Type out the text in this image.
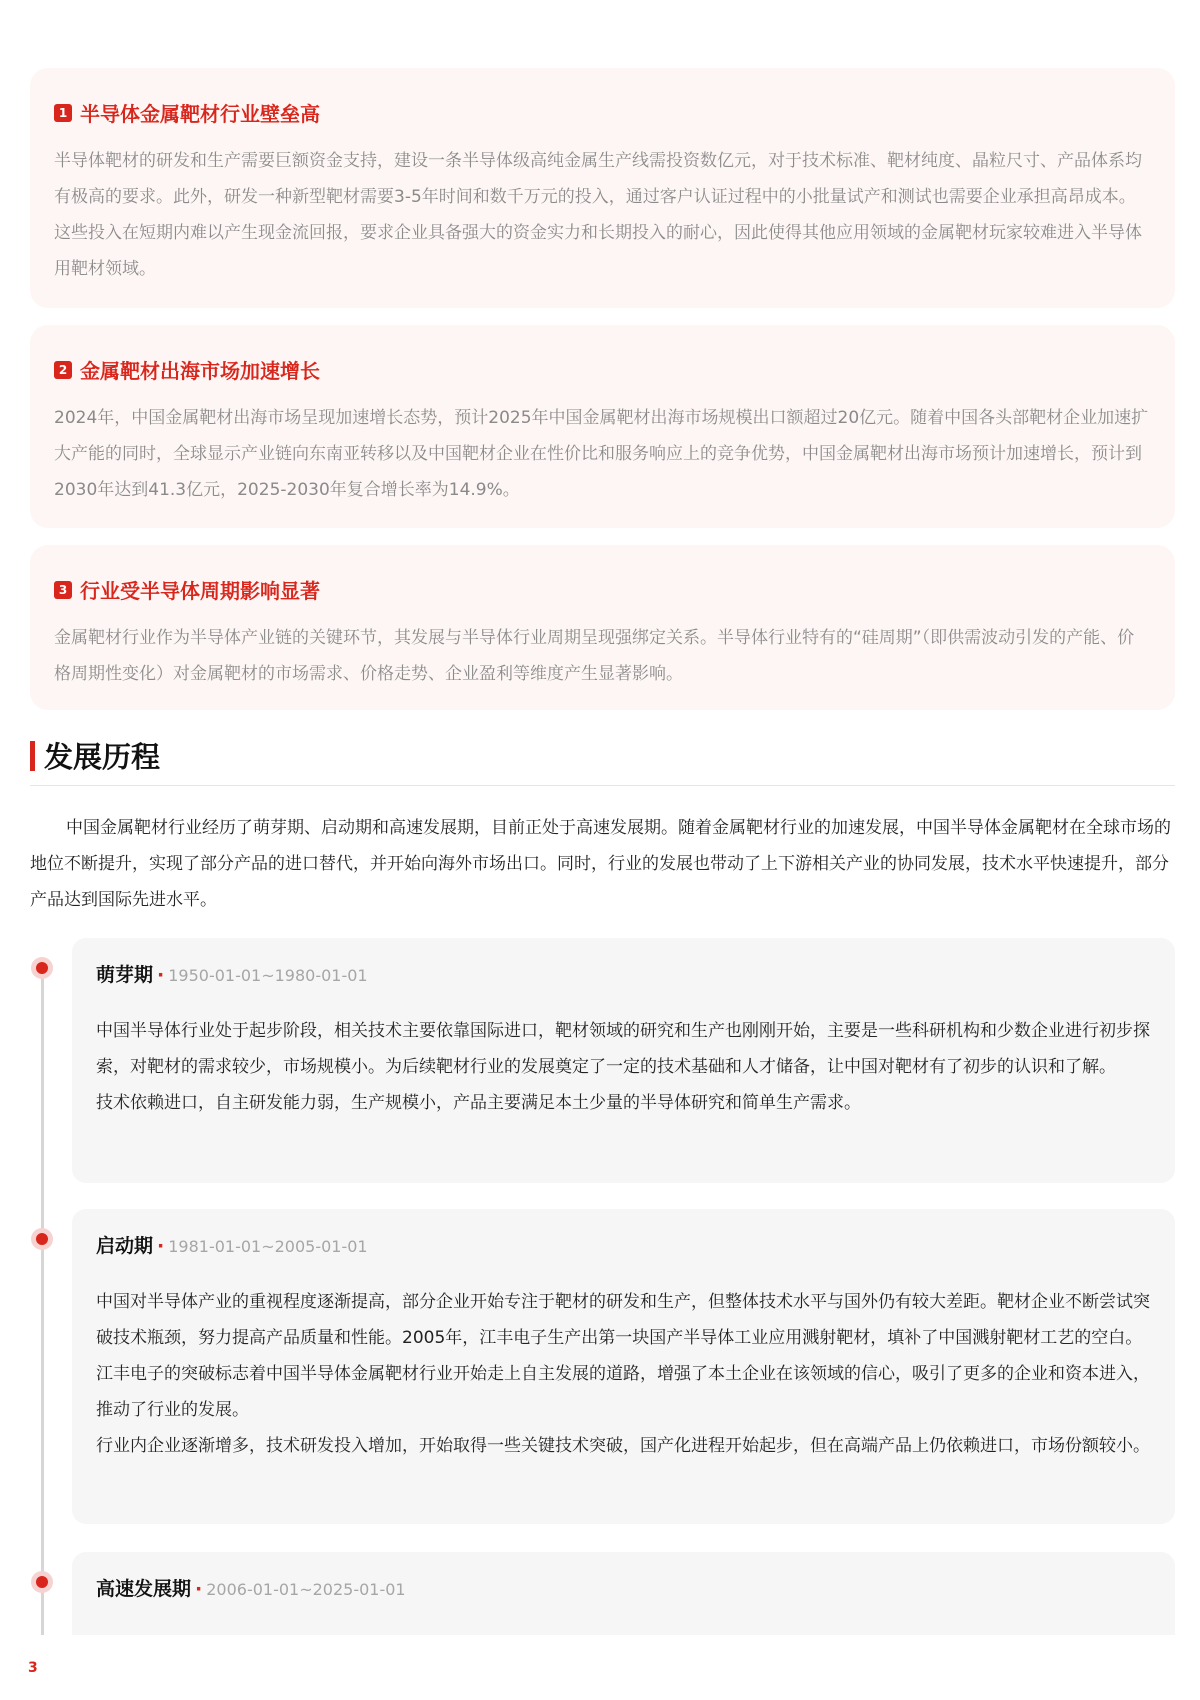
1 半导体金属靶材行业壁垒高
半导体靶材的研发和生产需要巨额资金支持，建设一条半导体级高纯金属生产线需投资数亿元，对于技术标准、靶材纯度、晶粒尺寸、产品体系均有极高的要求。此外，研发一种新型靶材需要3-5年时间和数千万元的投入，通过客户认证过程中的小批量试产和测试也需要企业承担高昂成本。这些投入在短期内难以产生现金流回报，要求企业具备强大的资金实力和长期投入的耐心，因此使得其他应用领域的金属靶材玩家较难进入半导体用靶材领域。
2 金属靶材出海市场加速增长
2024年，中国金属靶材出海市场呈现加速增长态势，预计2025年中国金属靶材出海市场规模出口额超过20亿元。随着中国各头部靶材企业加速扩大产能的同时，全球显示产业链向东南亚转移以及中国靶材企业在性价比和服务响应上的竞争优势，中国金属靶材出海市场预计加速增长，预计到2030年达到41.3亿元，2025-2030年复合增长率为14.9%。
3 行业受半导体周期影响显著
金属靶材行业作为半导体产业链的关键环节，其发展与半导体行业周期呈现强绑定关系。半导体行业特有的“硅周期”（即供需波动引发的产能、价格周期性变化）对金属靶材的市场需求、价格走势、企业盈利等维度产生显著影响。
发展历程
中国金属靶材行业经历了萌芽期、启动期和高速发展期，目前正处于高速发展期。随着金属靶材行业的加速发展，中国半导体金属靶材在全球市场的地位不断提升，实现了部分产品的进口替代，并开始向海外市场出口。同时，行业的发展也带动了上下游相关产业的协同发展，技术水平快速提升，部分产品达到国际先进水平。
萌芽期 · 1950-01-01~1980-01-01
中国半导体行业处于起步阶段，相关技术主要依靠国际进口，靶材领域的研究和生产也刚刚开始，主要是一些科研机构和少数企业进行初步探索，对靶材的需求较少，市场规模小。为后续靶材行业的发展奠定了一定的技术基础和人才储备，让中国对靶材有了初步的认识和了解。
技术依赖进口，自主研发能力弱，生产规模小，产品主要满足本土少量的半导体研究和简单生产需求。
启动期 · 1981-01-01~2005-01-01
中国对半导体产业的重视程度逐渐提高，部分企业开始专注于靶材的研发和生产，但整体技术水平与国外仍有较大差距。靶材企业不断尝试突破技术瓶颈，努力提高产品质量和性能。2005年，江丰电子生产出第一块国产半导体工业应用溅射靶材，填补了中国溅射靶材工艺的空白。江丰电子的突破标志着中国半导体金属靶材行业开始走上自主发展的道路，增强了本土企业在该领域的信心，吸引了更多的企业和资本进入，推动了行业的发展。
行业内企业逐渐增多，技术研发投入增加，开始取得一些关键技术突破，国产化进程开始起步，但在高端产品上仍依赖进口，市场份额较小。
高速发展期 · 2006-01-01~2025-01-01
3
